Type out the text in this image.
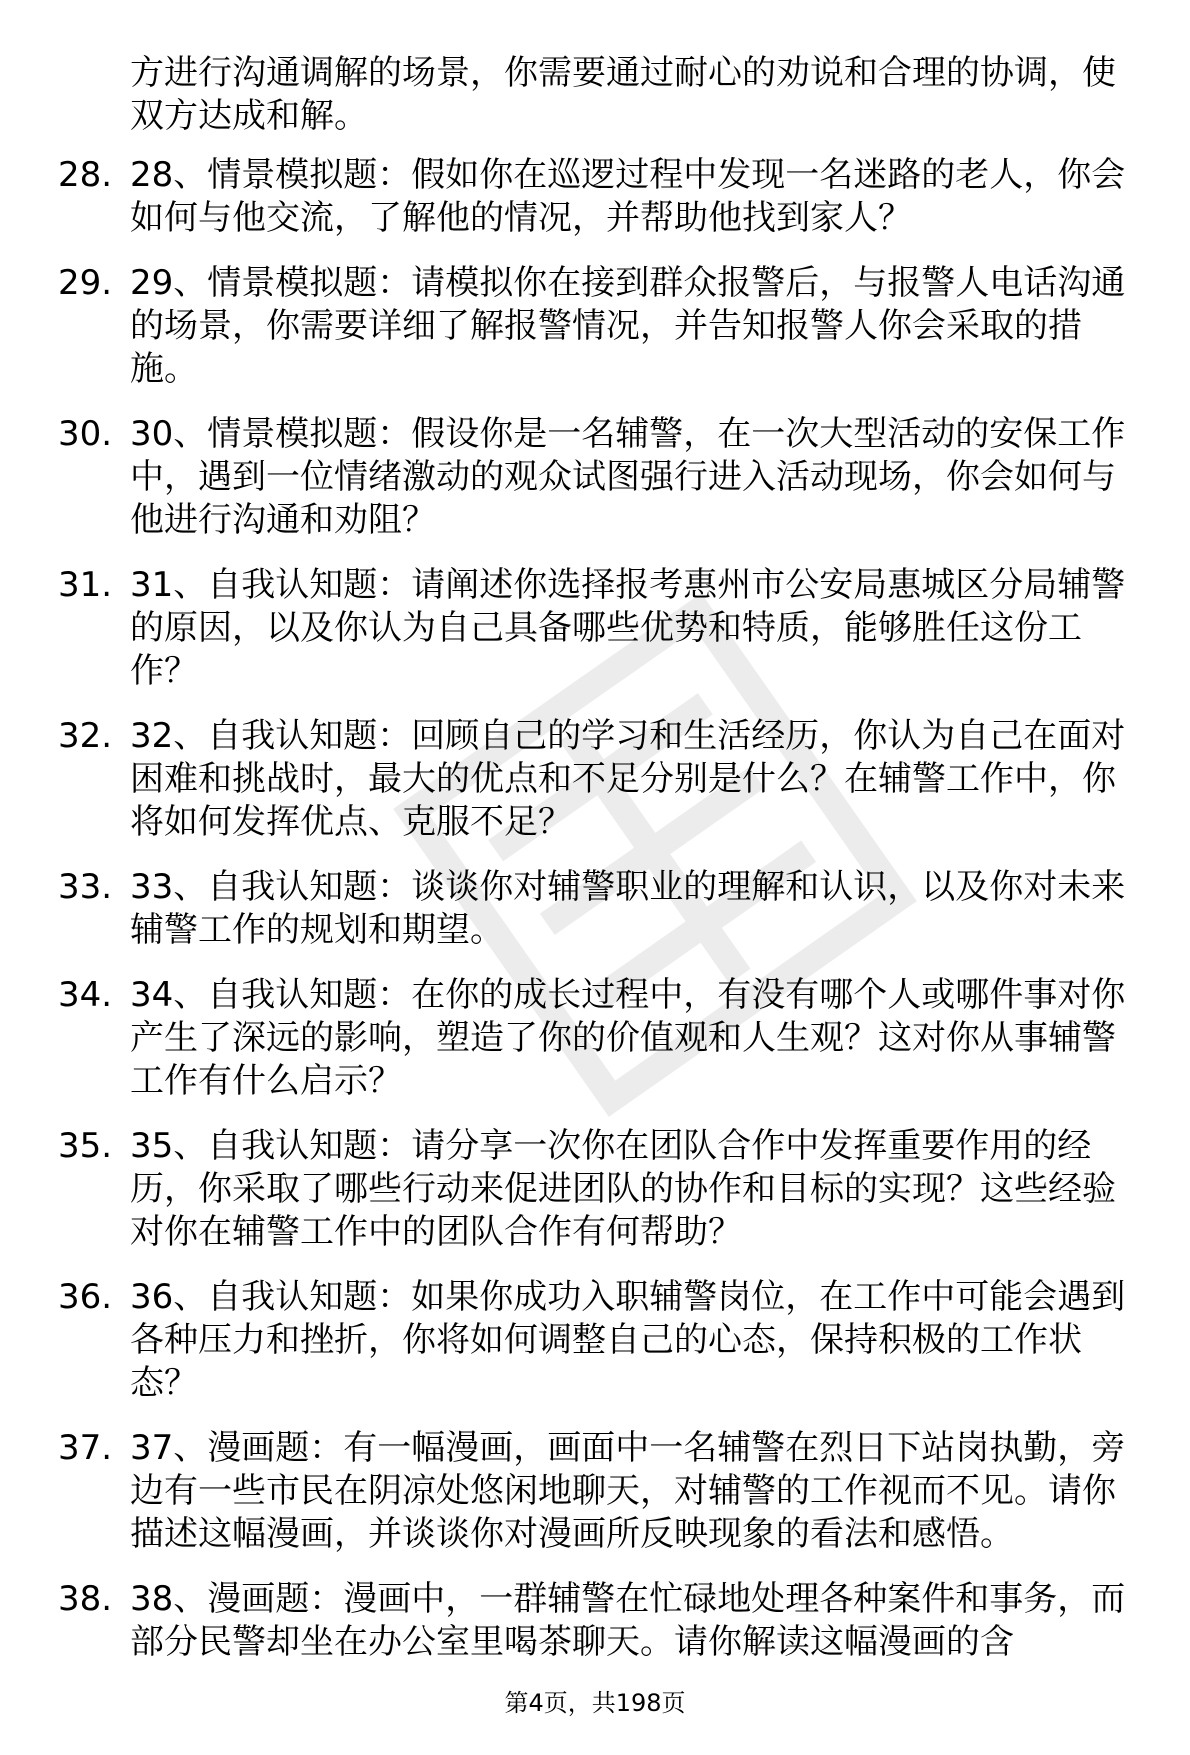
方进行沟通调解的场景，你需要通过耐心的劝说和合理的协调，使双方达成和解。
28. 28、情景模拟题：假如你在巡逻过程中发现一名迷路的老人，你会如何与他交流，了解他的情况，并帮助他找到家人？
29. 29、情景模拟题：请模拟你在接到群众报警后，与报警人电话沟通的场景，你需要详细了解报警情况，并告知报警人你会采取的措施。
30. 30、情景模拟题：假设你是一名辅警，在一次大型活动的安保工作中，遇到一位情绪激动的观众试图强行进入活动现场，你会如何与他进行沟通和劝阻？
31. 31、自我认知题：请阐述你选择报考惠州市公安局惠城区分局辅警的原因，以及你认为自己具备哪些优势和特质，能够胜任这份工作？
32. 32、自我认知题：回顾自己的学习和生活经历，你认为自己在面对困难和挑战时，最大的优点和不足分别是什么？在辅警工作中，你将如何发挥优点、克服不足？
33. 33、自我认知题：谈谈你对辅警职业的理解和认识，以及你对未来辅警工作的规划和期望。
34. 34、自我认知题：在你的成长过程中，有没有哪个人或哪件事对你产生了深远的影响，塑造了你的价值观和人生观？这对你从事辅警工作有什么启示？
35. 35、自我认知题：请分享一次你在团队合作中发挥重要作用的经历，你采取了哪些行动来促进团队的协作和目标的实现？这些经验对你在辅警工作中的团队合作有何帮助？
36. 36、自我认知题：如果你成功入职辅警岗位，在工作中可能会遇到各种压力和挫折，你将如何调整自己的心态，保持积极的工作状态？
37. 37、漫画题：有一幅漫画，画面中一名辅警在烈日下站岗执勤，旁边有一些市民在阴凉处悠闲地聊天，对辅警的工作视而不见。请你描述这幅漫画，并谈谈你对漫画所反映现象的看法和感悟。
38. 38、漫画题：漫画中，一群辅警在忙碌地处理各种案件和事务，而部分民警却坐在办公室里喝茶聊天。请你解读这幅漫画的含
第4页，共198页
